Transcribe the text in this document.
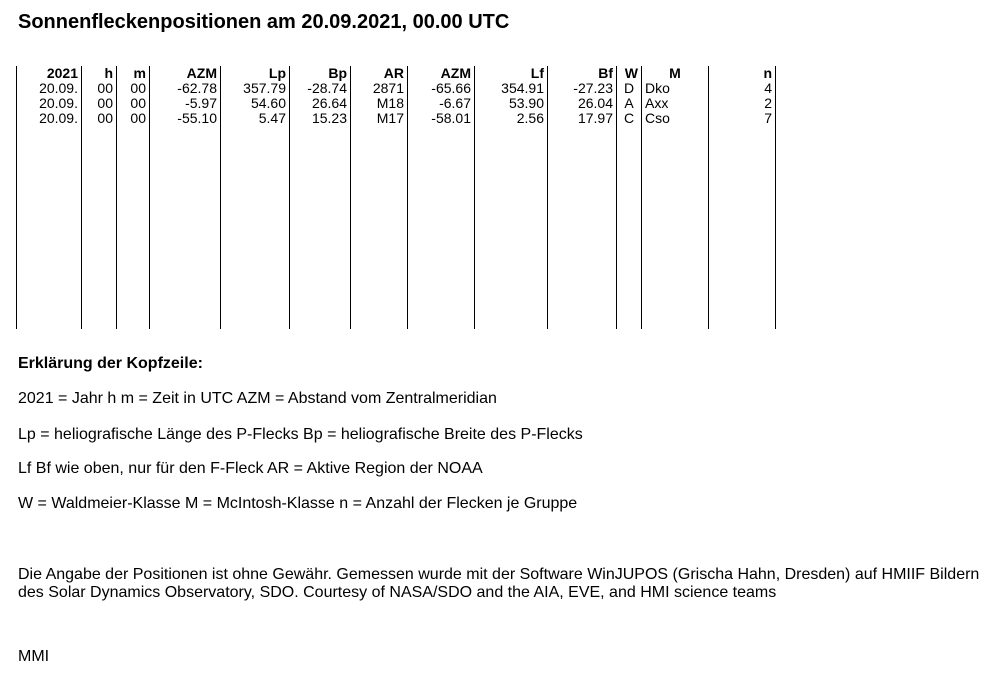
Sonnenfleckenpositionen am 20.09.2021, 00.00 UTC
2021	h	m	AZM	Lp	Bp	AR	AZM	Lf	Bf	W	M	n
20.09.	00	00	-62.78	357.79	-28.74	2871	-65.66	354.91	-27.23	D	Dko	4
20.09.	00	00	-5.97	54.60	26.64	M18	-6.67	53.90	26.04	A	Axx	2
20.09.	00	00	-55.10	5.47	15.23	M17	-58.01	2.56	17.97	C	Cso	7

Erklärung der Kopfzeile:
2021 = Jahr h m = Zeit in UTC AZM = Abstand vom Zentralmeridian
Lp = heliografische Länge des P-Flecks Bp = heliografische Breite des P-Flecks
Lf Bf wie oben, nur für den F-Fleck AR = Aktive Region der NOAA
W = Waldmeier-Klasse M = McIntosh-Klasse n = Anzahl der Flecken je Gruppe
Die Angabe der Positionen ist ohne Gewähr. Gemessen wurde mit der Software WinJUPOS (Grischa Hahn, Dresden) auf HMIIF Bildern des Solar Dynamics Observatory, SDO. Courtesy of NASA/SDO and the AIA, EVE, and HMI science teams
MMI
